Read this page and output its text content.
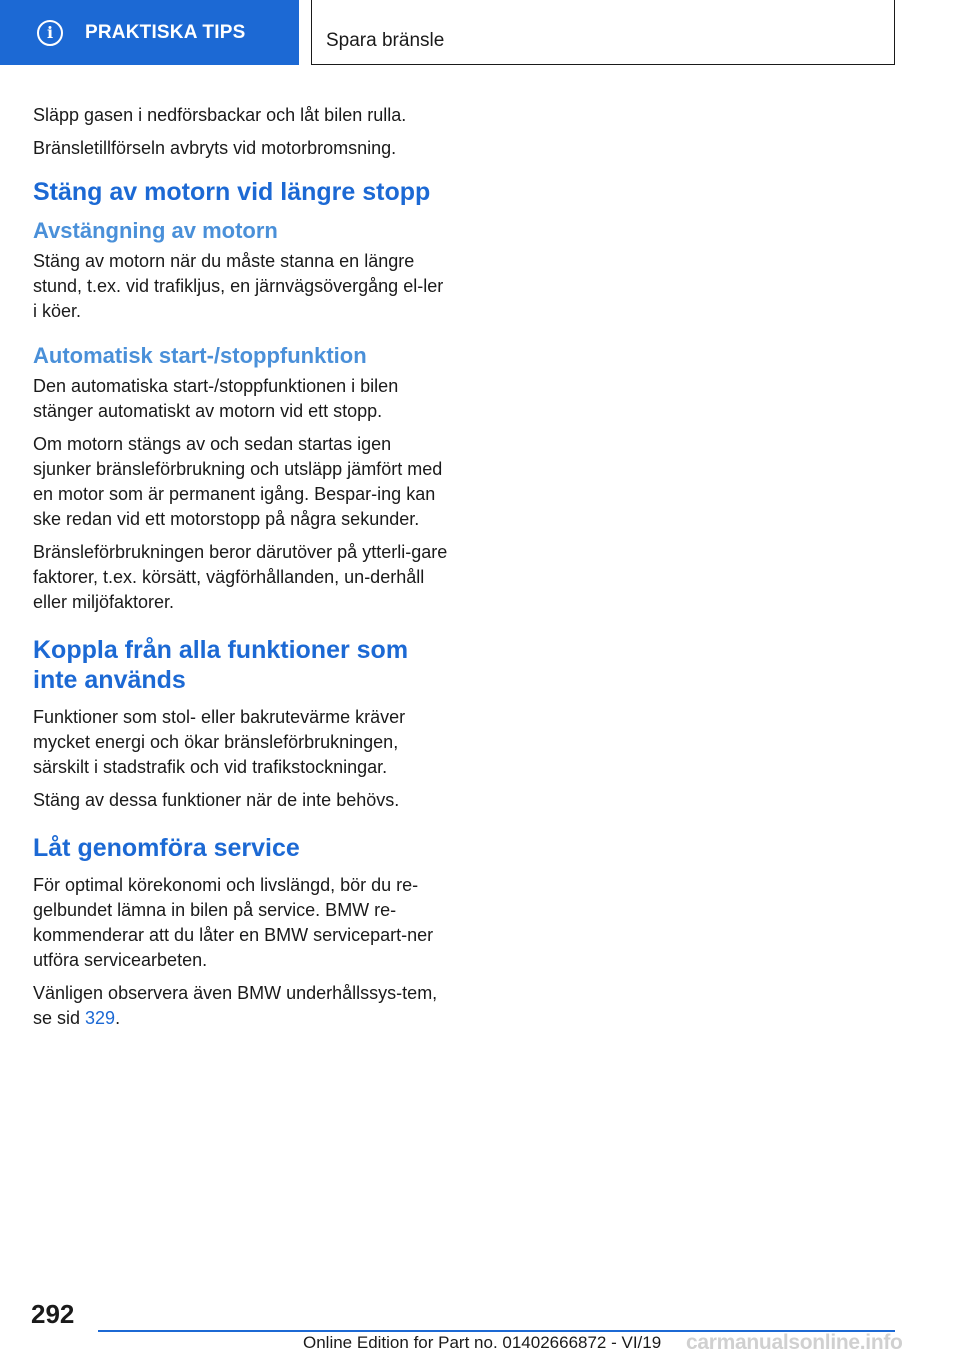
i	PRAKTISKA TIPS	Spara bränsle

Släpp gasen i nedförsbackar och låt bilen rulla.

Bränsletillförseln avbryts vid motorbromsning.

Stäng av motorn vid längre stopp
Avstängning av motorn

Stäng av motorn när du måste stanna en längre stund, t.ex. vid trafikljus, en järnvägsövergång el-ler i köer.

Automatisk start-/stoppfunktion

Den automatiska start-/stoppfunktionen i bilen stänger automatiskt av motorn vid ett stopp.

Om motorn stängs av och sedan startas igen sjunker bränsleförbrukning och utsläpp jämfört med en motor som är permanent igång. Bespar-ing kan ske redan vid ett motorstopp på några sekunder.

Bränsleförbrukningen beror därutöver på ytterli-gare faktorer, t.ex. körsätt, vägförhållanden, un-derhåll eller miljöfaktorer.

Koppla från alla funktioner som inte används

Funktioner som stol- eller bakrutevärme kräver mycket energi och ökar bränsleförbrukningen, särskilt i stadstrafik och vid trafikstockningar.

Stäng av dessa funktioner när de inte behövs.

Låt genomföra service

För optimal körekonomi och livslängd, bör du re-gelbundet lämna in bilen på service. BMW re-kommenderar att du låter en BMW servicepart-ner utföra servicearbeten.

Vänligen observera även BMW underhållssys-tem, se sid 329.

292
Online Edition for Part no. 01402666872 - VI/19 carmanualsonline.info
